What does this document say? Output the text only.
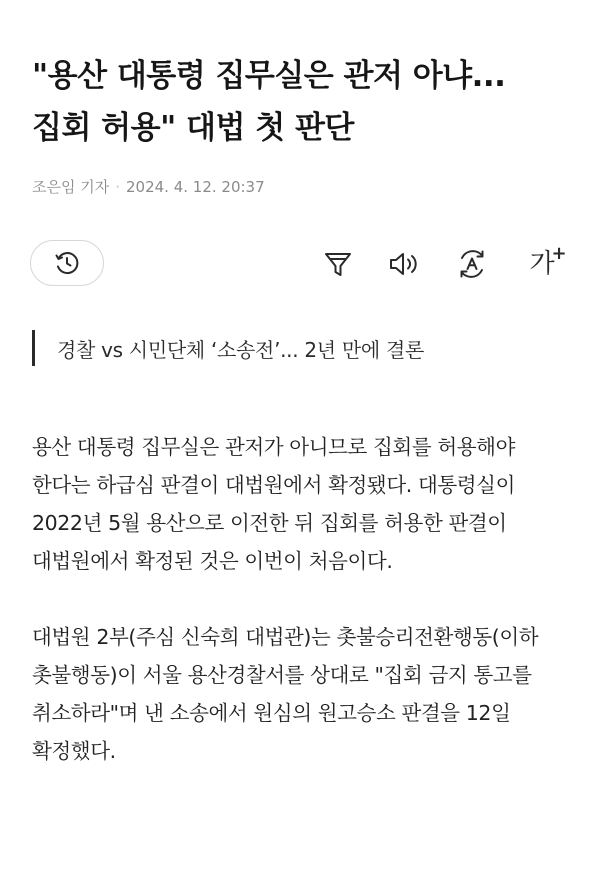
"용산 대통령 집무실은 관저 아냐... 집회 허용" 대법 첫 판단
조은임 기자 · 2024. 4. 12. 20:37
가
+
경찰 vs 시민단체 ‘소송전’... 2년 만에 결론

용산 대통령 집무실은 관저가 아니므로 집회를 허용해야 한다는 하급심 판결이 대법원에서 확정됐다. 대통령실이 2022년 5월 용산으로 이전한 뒤 집회를 허용한 판결이 대법원에서 확정된 것은 이번이 처음이다.

대법원 2부(주심 신숙희 대법관)는 촛불승리전환행동(이하 촛불행동)이 서울 용산경찰서를 상대로 "집회 금지 통고를 취소하라"며 낸 소송에서 원심의 원고승소 판결을 12일 확정했다.
